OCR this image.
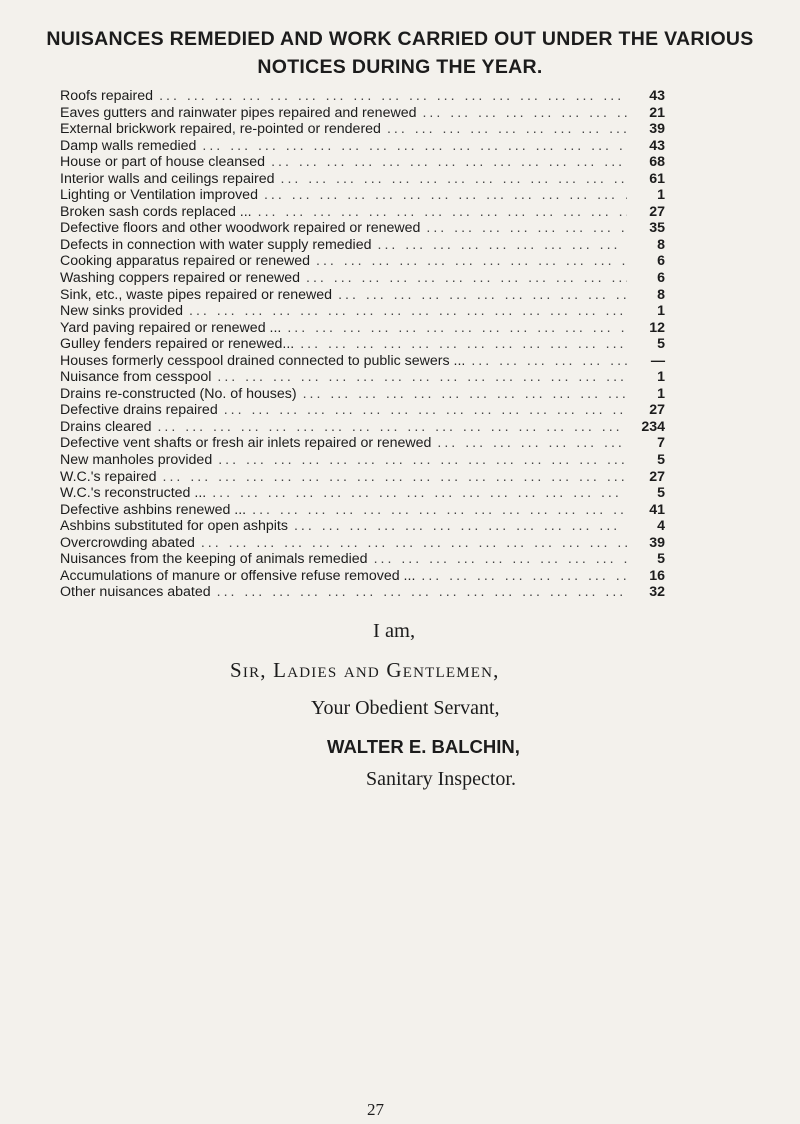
NUISANCES REMEDIED AND WORK CARRIED OUT UNDER THE VARIOUS
NOTICES DURING THE YEAR.
Roofs repaired ... .	43
Eaves gutters and rainwater pipes repaired and renewed ... .	21
External brickwork repaired, re-pointed or rendered ... .	39
Damp walls remedied ... .	43
House or part of house cleansed ... .	68
Interior walls and ceilings repaired ... .	61
Lighting or Ventilation improved ... .	1
Broken sash cords replaced ... ... .	27
Defective floors and other woodwork repaired or renewed ... .	35
Defects in connection with water supply remedied ... .	8
Cooking apparatus repaired or renewed ... .	6
Washing coppers repaired or renewed ... .	6
Sink, etc., waste pipes repaired or renewed ... .	8
New sinks provided ... .	1
Yard paving repaired or renewed ... ... .	12
Gulley fenders repaired or renewed... ... .	5
Houses formerly cesspool drained connected to public sewers ... ... .	—
Nuisance from cesspool ... .	1
Drains re-constructed (No. of houses) ... .	1
Defective drains repaired ... .	27
Drains cleared ... .	234
Defective vent shafts or fresh air inlets repaired or renewed ... .	7
New manholes provided ... .	5
W.C.'s repaired ... .	27
W.C.'s reconstructed ... ... .	5
Defective ashbins renewed ... ... .	41
Ashbins substituted for open ashpits ... .	4
Overcrowding abated ... .	39
Nuisances from the keeping of animals remedied ... .	5
Accumulations of manure or offensive refuse removed ... ... .	16
Other nuisances abated ... .	32
I am,
Sir, Ladies and Gentlemen,
Your Obedient Servant,
WALTER E. BALCHIN,
Sanitary Inspector.
27
